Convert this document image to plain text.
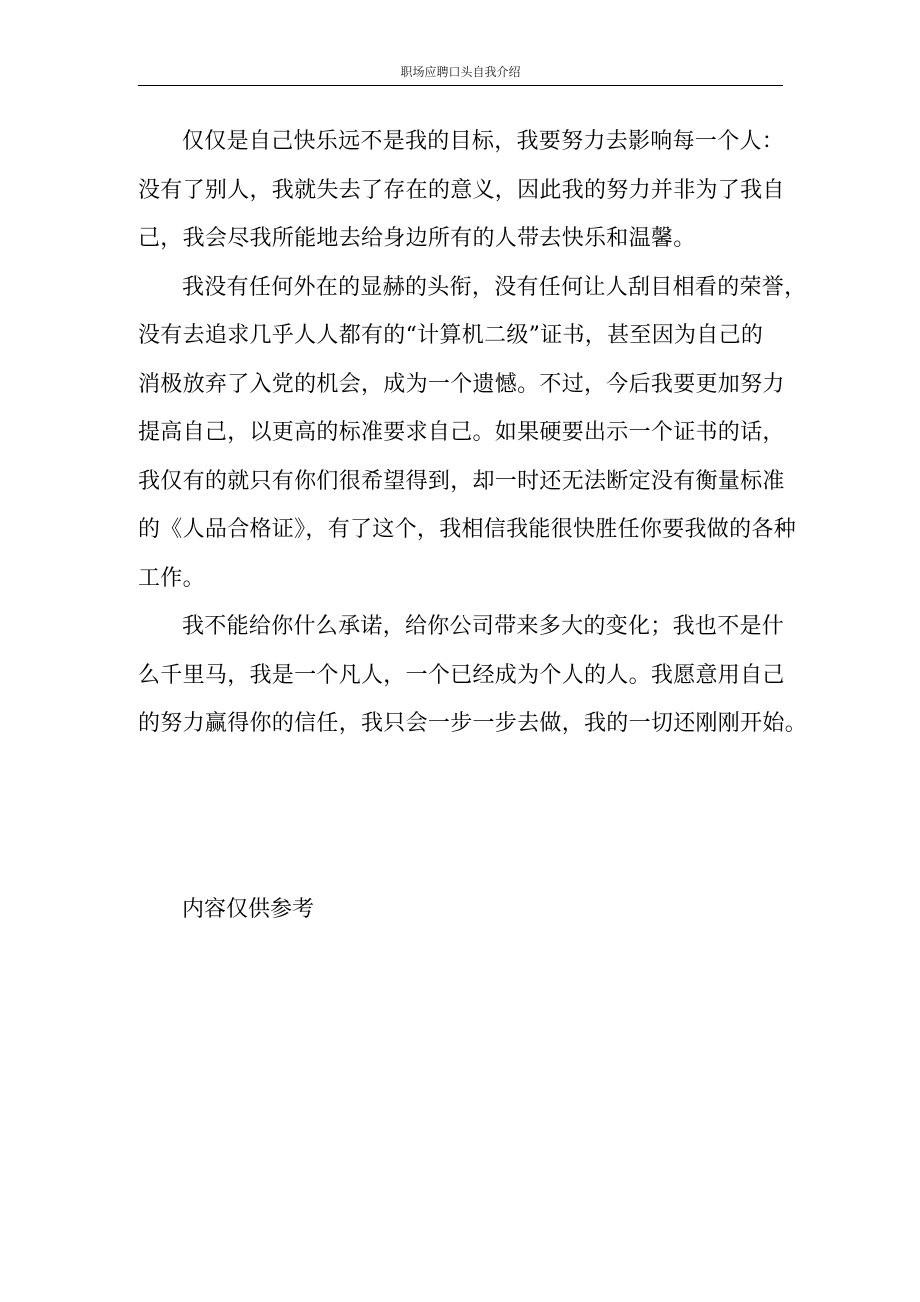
职场应聘口头自我介绍

仅仅是自己快乐远不是我的目标，我要努力去影响每一个人：
没有了别人，我就失去了存在的意义，因此我的努力并非为了我自
己，我会尽我所能地去给身边所有的人带去快乐和温馨。

我没有任何外在的显赫的头衔，没有任何让人刮目相看的荣誉，
没有去追求几乎人人都有的“计算机二级”证书，甚至因为自己的
消极放弃了入党的机会，成为一个遗憾。不过，今后我要更加努力
提高自己，以更高的标准要求自己。如果硬要出示一个证书的话，
我仅有的就只有你们很希望得到，却一时还无法断定没有衡量标准
的《人品合格证》，有了这个，我相信我能很快胜任你要我做的各种
工作。

我不能给你什么承诺，给你公司带来多大的变化；我也不是什
么千里马，我是一个凡人，一个已经成为个人的人。我愿意用自己
的努力赢得你的信任，我只会一步一步去做，我的一切还刚刚开始。

内容仅供参考
